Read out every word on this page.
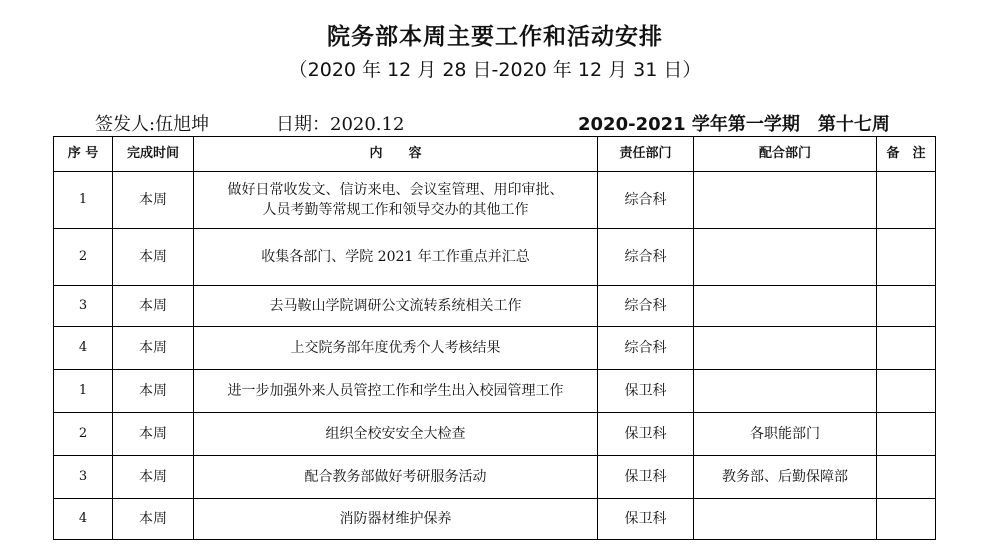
院务部本周主要工作和活动安排
（2020 年 12 月 28 日-2020 年 12 月 31 日）
签发人:伍旭坤	日期：2020.12	2020-2021 学年第一学期　第十七周
序 号	完成时间	内　　容	责任部门	配合部门	备　注
1	本周	做好日常收发文、信访来电、会议室管理、用印审批、人员考勤等常规工作和领导交办的其他工作	综合科		
2	本周	收集各部门、学院 2021 年工作重点并汇总	综合科		
3	本周	去马鞍山学院调研公文流转系统相关工作	综合科		
4	本周	上交院务部年度优秀个人考核结果	综合科		
1	本周	进一步加强外来人员管控工作和学生出入校园管理工作	保卫科		
2	本周	组织全校安安全大检查	保卫科	各职能部门	
3	本周	配合教务部做好考研服务活动	保卫科	教务部、后勤保障部	
4	本周	消防器材维护保养	保卫科		
